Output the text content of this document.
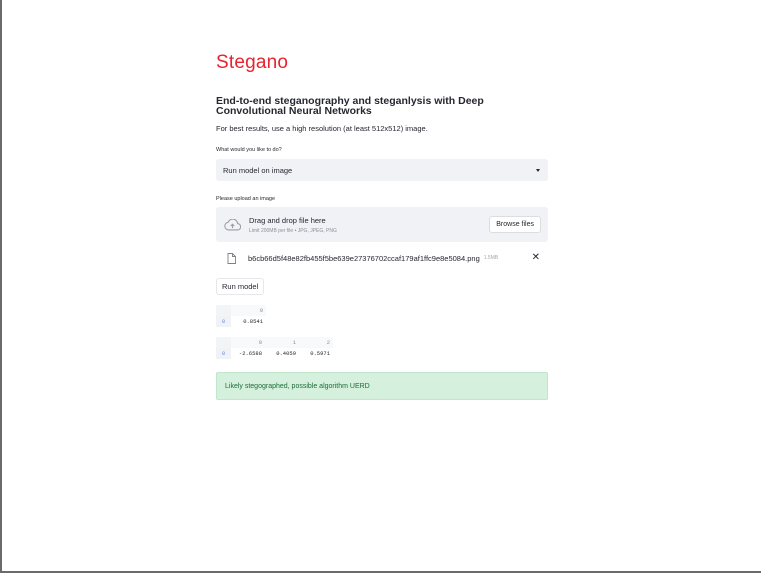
Stegano
End-to-end steganography and steganlysis with Deep Convolutional Neural Networks
For best results, use a high resolution (at least 512x512) image.
What would you like to do?
Run model on image
Please upload an image
Drag and drop file here
Limit 200MB per file • JPG, JPEG, PNG
Browse files
b6cb66d5f48e82fb455f5be639e27376702ccaf179af1ffc9e8e5084.png 1.5MB	✕
Run model
	0
0	0.8541
	0	1	2
0	-2.6588	0.4059	0.5971
Likely stegographed, possible algorithm UERD
